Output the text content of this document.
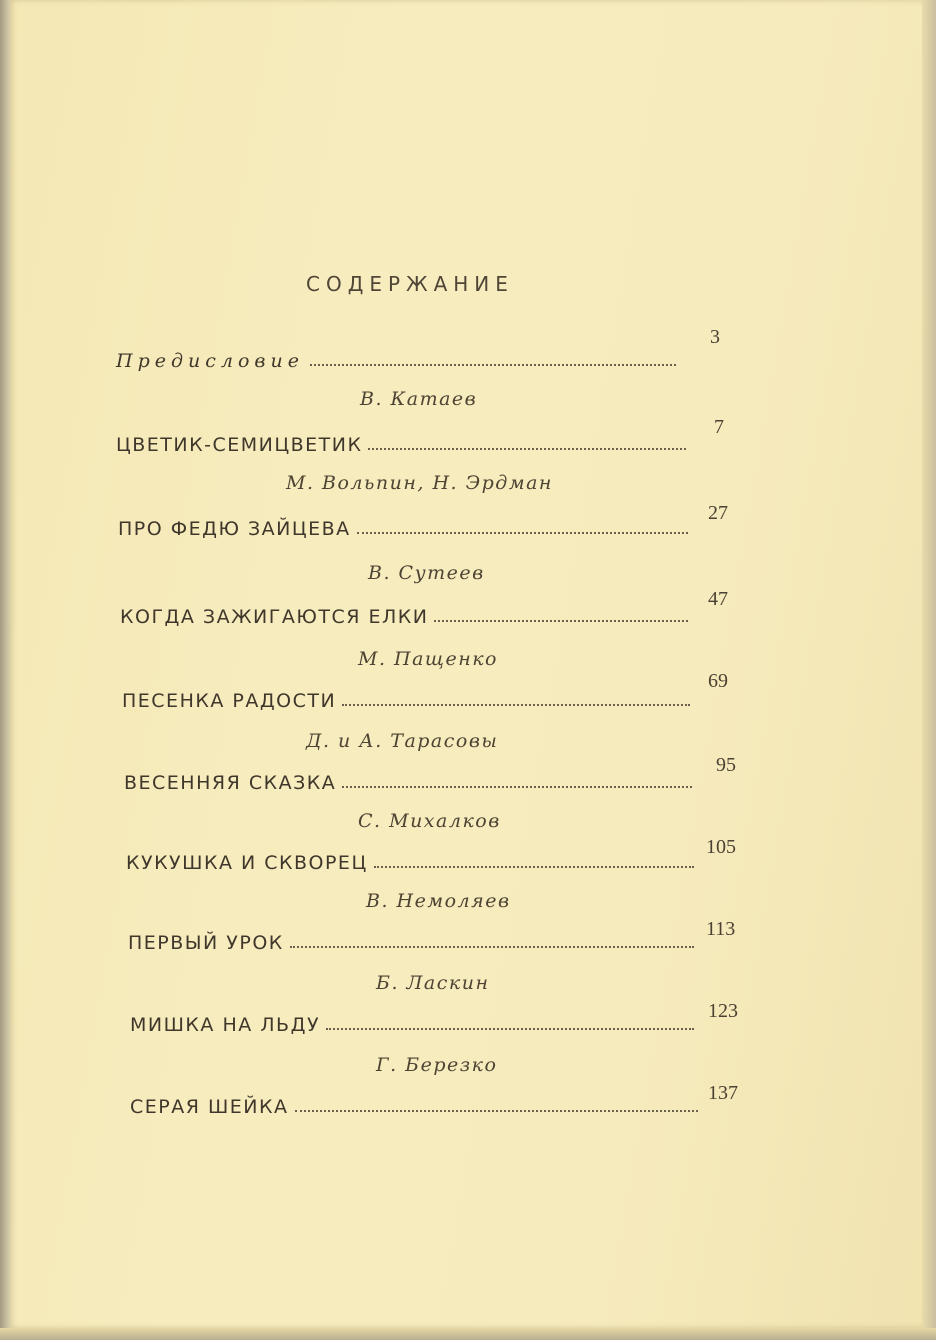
СОДЕРЖАНИЕ
Предисловие
3
В. Катаев
ЦВЕТИК-СЕМИЦВЕТИК
7
М. Вольпин, Н. Эрдман
ПРО ФЕДЮ ЗАЙЦЕВА
27
В. Сутеев
КОГДА ЗАЖИГАЮТСЯ ЕЛКИ
47
М. Пащенко
ПЕСЕНКА РАДОСТИ
69
Д. и А. Тарасовы
ВЕСЕННЯЯ СКАЗКА
95
С. Михалков
КУКУШКА И СКВОРЕЦ
105
В. Немоляев
ПЕРВЫЙ УРОК
113
Б. Ласкин
МИШКА НА ЛЬДУ
123
Г. Березко
СЕРАЯ ШЕЙКА
137
